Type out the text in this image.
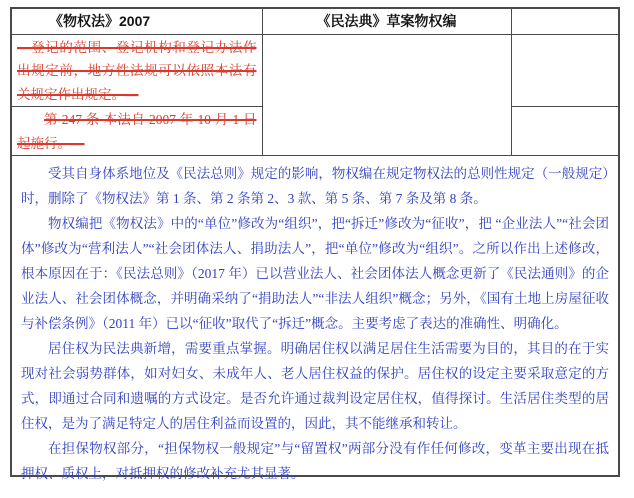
《物权法》2007	《民法典》草案物权编	
—登记的范围、登记机构和登记办法作出规定前，地方性法规可以依照本法有关规定作出规定。—		
第 247 条 本法自 2007 年 10 月 1 日起施行。—		

受其自身体系地位及《民法总则》规定的影响，物权编在规定物权法的总则性规定（一般规定）时，删除了《物权法》第 1 条、第 2 条第 2、3 款、第 5 条、第 7 条及第 8 条。

物权编把《物权法》中的“单位”修改为“组织”，把“拆迁”修改为“征收”，把 “企业法人”“社会团体”修改为“营利法人”“社会团体法人、捐助法人”，把“单位”修改为“组织”。之所以作出上述修改，根本原因在于：《民法总则》（2017 年）已以营业法人、社会团体法人概念更新了《民法通则》的企业法人、社会团体概念，并明确采纳了“捐助法人”“非法人组织”概念；另外，《国有土地上房屋征收与补偿条例》（2011 年）已以“征收”取代了“拆迁”概念。主要考虑了表达的准确性、明确化。

居住权为民法典新增，需要重点掌握。明确居住权以满足居住生活需要为目的，其目的在于实现对社会弱势群体，如对妇女、未成年人、老人居住权益的保护。居住权的设定主要采取意定的方式，即通过合同和遗嘱的方式设定。是否允许通过裁判设定居住权，值得探讨。生活居住类型的居住权，是为了满足特定人的居住利益而设置的，因此，其不能继承和转让。

在担保物权部分，“担保物权一般规定”与“留置权”两部分没有作任何修改，变革主要出现在抵押权、质权上，对抵押权的修改补充尤其显著。
